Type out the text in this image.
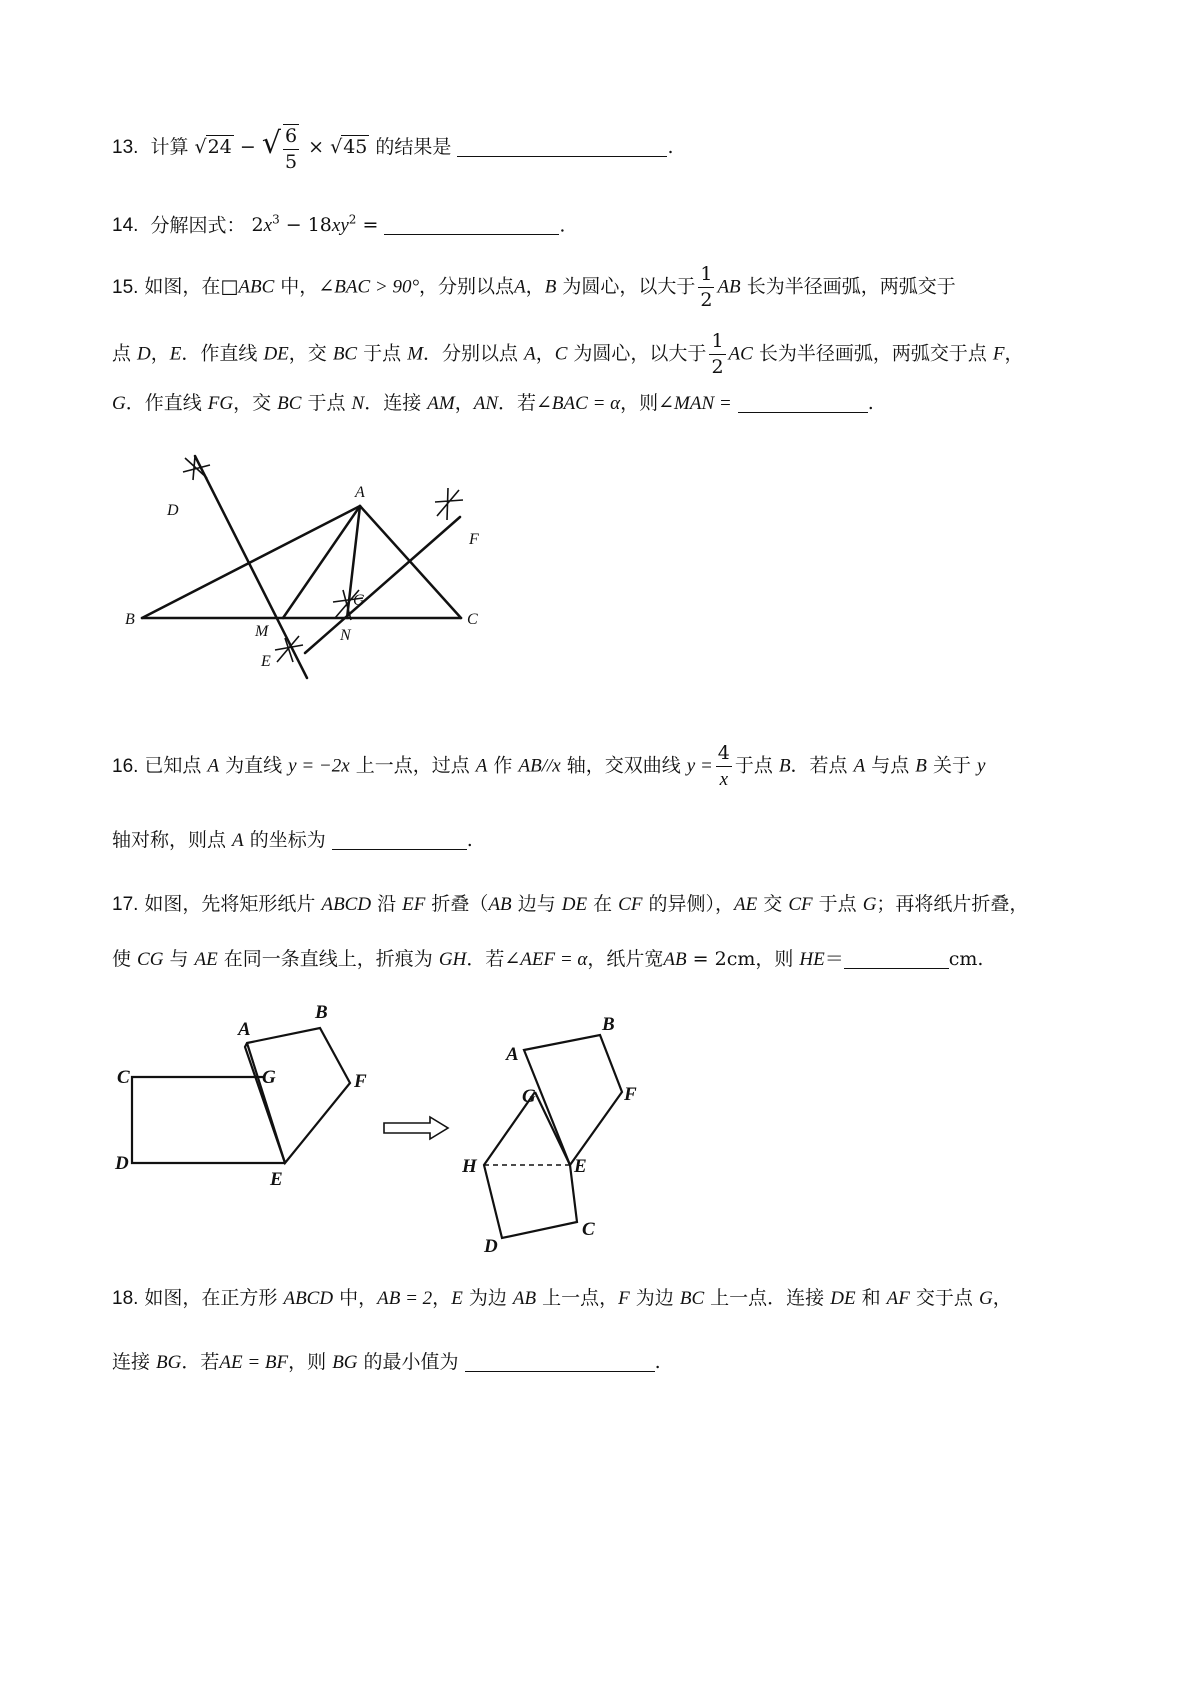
13. 计算 √24 − √ $\frac{6}{5} \times √45$ 的结果是	.
14. 分解因式： $2x^3 - 18xy^2$ =	.
15. 如图，在□ABC 中，∠BAC > 90°，分别以点A，B 为圆心，以大于 $\frac{1}{2}$ AB 长为半径画弧，两弧交于
点 D，E．作直线 DE，交 BC 于点 M．分别以点 A，C 为圆心，以大于 $\frac{1}{2}$ AC 长为半径画弧，两弧交于点 F，
G．作直线 FG，交 BC 于点 N．连接 AM，AN．若∠BAC = α，则∠MAN =	.
A
B	C
D
E
F
G
M	N
16. 已知点 A 为直线 y = −2x 上一点，过点 A 作 AB//x 轴，交双曲线 $y = \frac{4}{x}$ 于点 B．若点 A 与点 B 关于 y
轴对称，则点 A 的坐标为	.
17. 如图，先将矩形纸片 ABCD 沿 EF 折叠（AB 边与 DE 在 CF 的异侧），AE 交 CF 于点 G；再将纸片折叠，
使 CG 与 AE 在同一条直线上，折痕为 GH．若∠AEF = α，纸片宽AB = 2cm，则 HE＝	cm.
A
B
C
D
E
F
G
A
B
C
D
E
F
G
H
18. 如图，在正方形 ABCD 中，AB = 2，E 为边 AB 上一点，F 为边 BC 上一点．连接 DE 和 AF 交于点 G，
连接 BG．若AE = BF，则 BG 的最小值为	.
